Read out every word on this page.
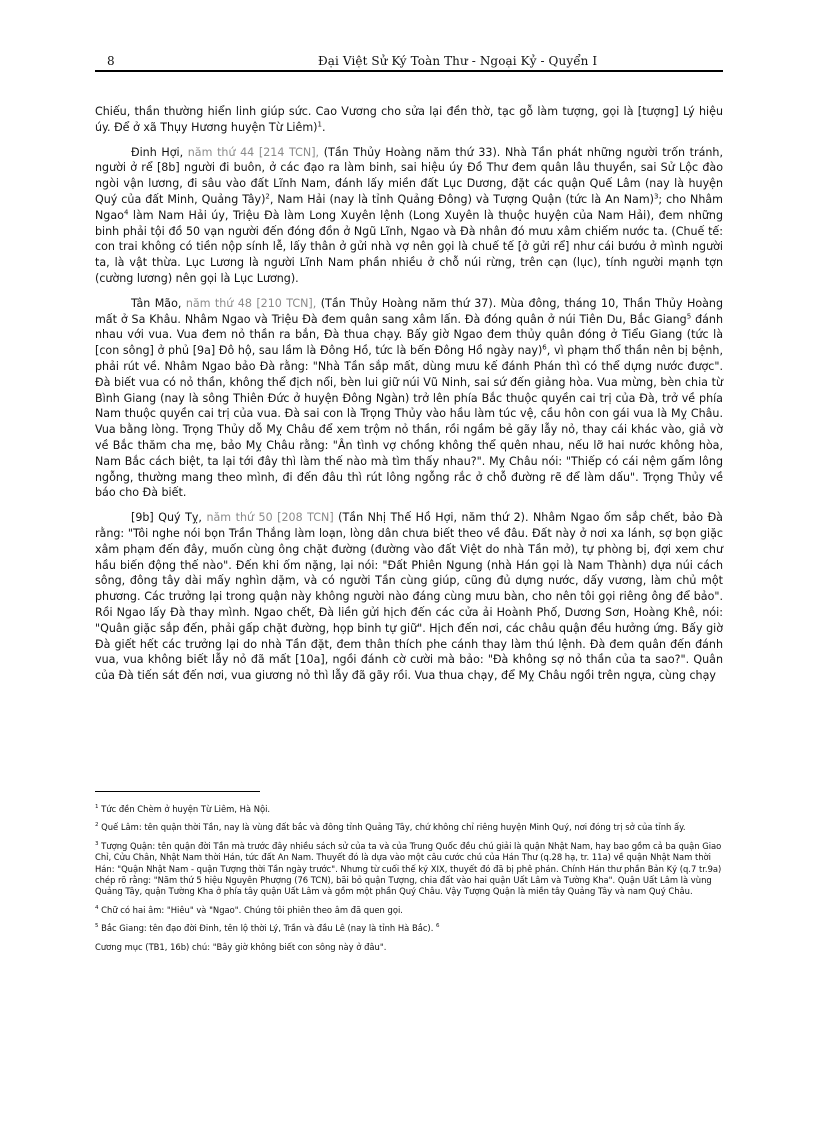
8	Đại Việt Sử Ký Toàn Thư - Ngoại Kỷ - Quyển I

Chiếu, thần thường hiển linh giúp sức. Cao Vương cho sửa lại đền thờ, tạc gỗ làm tượng, gọi là [tượng] Lý hiệu úy. Để ở xã Thụy Hương huyện Từ Liêm)$^1$.

Đinh Hợi, năm thứ 44 [214 TCN], (Tần Thủy Hoàng năm thứ 33). Nhà Tần phát những người trốn tránh, người ở rể [8b] người đi buôn, ở các đạo ra làm binh, sai hiệu úy Đồ Thư đem quân lâu thuyền, sai Sử Lộc đào ngòi vận lương, đi sâu vào đất Lĩnh Nam, đánh lấy miền đất Lục Dương, đặt các quận Quế Lâm (nay là huyện Quý của đất Minh, Quảng Tây)$^2$, Nam Hải (nay là tỉnh Quảng Đông) và Tượng Quận (tức là An Nam)$^3$; cho Nhâm Ngao$^4$ làm Nam Hải úy, Triệu Đà làm Long Xuyên lệnh (Long Xuyên là thuộc huyện của Nam Hải), đem những binh phải tội đồ 50 vạn người đến đóng đồn ở Ngũ Lĩnh, Ngao và Đà nhân đó mưu xâm chiếm nước ta. (Chuế tế: con trai không có tiền nộp sính lễ, lấy thân ở gửi nhà vợ nên gọi là chuế tế [ở gửi rể] như cái bướu ở mình người ta, là vật thừa. Lục Lương là người Lĩnh Nam phần nhiều ở chỗ núi rừng, trên cạn (lục), tính người mạnh tợn (cường lương) nên gọi là Lục Lương).

Tân Mão, năm thứ 48 [210 TCN], (Tần Thủy Hoàng năm thứ 37). Mùa đông, tháng 10, Thần Thủy Hoàng mất ở Sa Khâu. Nhâm Ngao và Triệu Đà đem quân sang xâm lấn. Đà đóng quân ở núi Tiên Du, Bắc Giang$^5$ đánh nhau với vua. Vua đem nỏ thần ra bắn, Đà thua chạy. Bấy giờ Ngao đem thủy quân đóng ở Tiểu Giang (tức là [con sông] ở phủ [9a] Đô hộ, sau lầm là Đông Hồ, tức là bến Đông Hồ ngày nay)$^6$, vì phạm thổ thần nên bị bệnh, phải rút về. Nhâm Ngao bảo Đà rằng: "Nhà Tần sắp mất, dùng mưu kế đánh Phán thì có thể dựng nước được". Đà biết vua có nỏ thần, không thể địch nổi, bèn lui giữ núi Vũ Ninh, sai sứ đến giảng hòa. Vua mừng, bèn chia từ Bình Giang (nay là sông Thiên Đức ở huyện Đông Ngàn) trở lên phía Bắc thuộc quyền cai trị của Đà, trở về phía Nam thuộc quyền cai trị của vua. Đà sai con là Trọng Thủy vào hầu làm túc vệ, cầu hôn con gái vua là Mỵ Châu. Vua bằng lòng. Trọng Thủy dỗ Mỵ Châu để xem trộm nỏ thần, rồi ngầm bẻ gãy lẫy nỏ, thay cái khác vào, giả vờ về Bắc thăm cha mẹ, bảo Mỵ Châu rằng: "Ân tình vợ chồng không thể quên nhau, nếu lỡ hai nước không hòa, Nam Bắc cách biệt, ta lại tới đây thì làm thế nào mà tìm thấy nhau?". Mỵ Châu nói: "Thiếp có cái nệm gấm lông ngỗng, thường mang theo mình, đi đến đâu thì rút lông ngỗng rắc ở chỗ đường rẽ để làm dấu". Trọng Thủy về báo cho Đà biết.

[9b] Quý Tỵ, năm thứ 50 [208 TCN] (Tần Nhị Thế Hồ Hợi, năm thứ 2). Nhâm Ngao ốm sắp chết, bảo Đà rằng: "Tôi nghe nói bọn Trần Thắng làm loạn, lòng dân chưa biết theo về đâu. Đất này ở nơi xa lánh, sợ bọn giặc xâm phạm đến đây, muốn cùng ông chặt đường (đường vào đất Việt do nhà Tần mở), tự phòng bị, đợi xem chư hầu biến động thế nào". Đến khi ốm nặng, lại nói: "Đất Phiên Ngung (nhà Hán gọi là Nam Thành) dựa núi cách sông, đông tây dài mấy nghìn dặm, và có người Tần cùng giúp, cũng đủ dựng nước, dấy vương, làm chủ một phương. Các trưởng lại trong quận này không người nào đáng cùng mưu bàn, cho nên tôi gọi riêng ông để bảo". Rồi Ngao lấy Đà thay mình. Ngao chết, Đà liền gửi hịch đến các cửa ải Hoành Phố, Dương Sơn, Hoàng Khê, nói: "Quân giặc sắp đến, phải gấp chặt đường, họp binh tự giữ". Hịch đến nơi, các châu quận đều hưởng ứng. Bấy giờ Đà giết hết các trưởng lại do nhà Tần đặt, đem thân thích phe cánh thay làm thú lệnh. Đà đem quân đến đánh vua, vua không biết lẫy nỏ đã mất [10a], ngồi đánh cờ cười mà bảo: "Đà không sợ nỏ thần của ta sao?". Quân của Đà tiến sát đến nơi, vua giương nỏ thì lẫy đã gãy rồi. Vua thua chạy, để Mỵ Châu ngồi trên ngựa, cùng chạy

$^1$ Tức đền Chèm ở huyện Từ Liêm, Hà Nội.

$^2$ Quế Lâm: tên quận thời Tần, nay là vùng đất bắc và đông tỉnh Quảng Tây, chứ không chỉ riêng huyện Minh Quý, nơi đóng trị sở của tỉnh ấy.

$^3$ Tượng Quận: tên quận đời Tần mà trước đây nhiều sách sử của ta và của Trung Quốc đều chú giải là quận Nhật Nam, hay bao gồm cả ba quận Giao Chỉ, Cửu Chân, Nhật Nam thời Hán, tức đất An Nam. Thuyết đó là dựa vào một câu cước chú của Hán Thư (q.28 hạ, tr. 11a) về quận Nhật Nam thời Hán: "Quận Nhật Nam - quận Tượng thời Tần ngày trước". Nhưng từ cuối thế kỷ XIX, thuyết đó đã bị phê phán. Chính Hán thư phần Bản Kỷ (q.7 tr.9a) chép rõ rằng: "Năm thứ 5 hiệu Nguyên Phượng (76 TCN), bãi bỏ quận Tượng, chia đất vào hai quận Uất Lâm và Tường Kha". Quận Uất Lâm là vùng Quảng Tây, quận Tường Kha ở phía tây quận Uất Lâm và gồm một phần Quý Châu. Vậy Tượng Quận là miền tây Quảng Tây và nam Quý Châu.

$^4$ Chữ có hai âm: "Hiêu" và "Ngao". Chúng tôi phiên theo âm đã quen gọi.

$^5$ Bắc Giang: tên đạo đời Đinh, tên lộ thời Lý, Trần và đầu Lê (nay là tỉnh Hà Bắc). $^6$

Cương mục (TB1, 16b) chú: "Bây giờ không biết con sông này ở đâu".
